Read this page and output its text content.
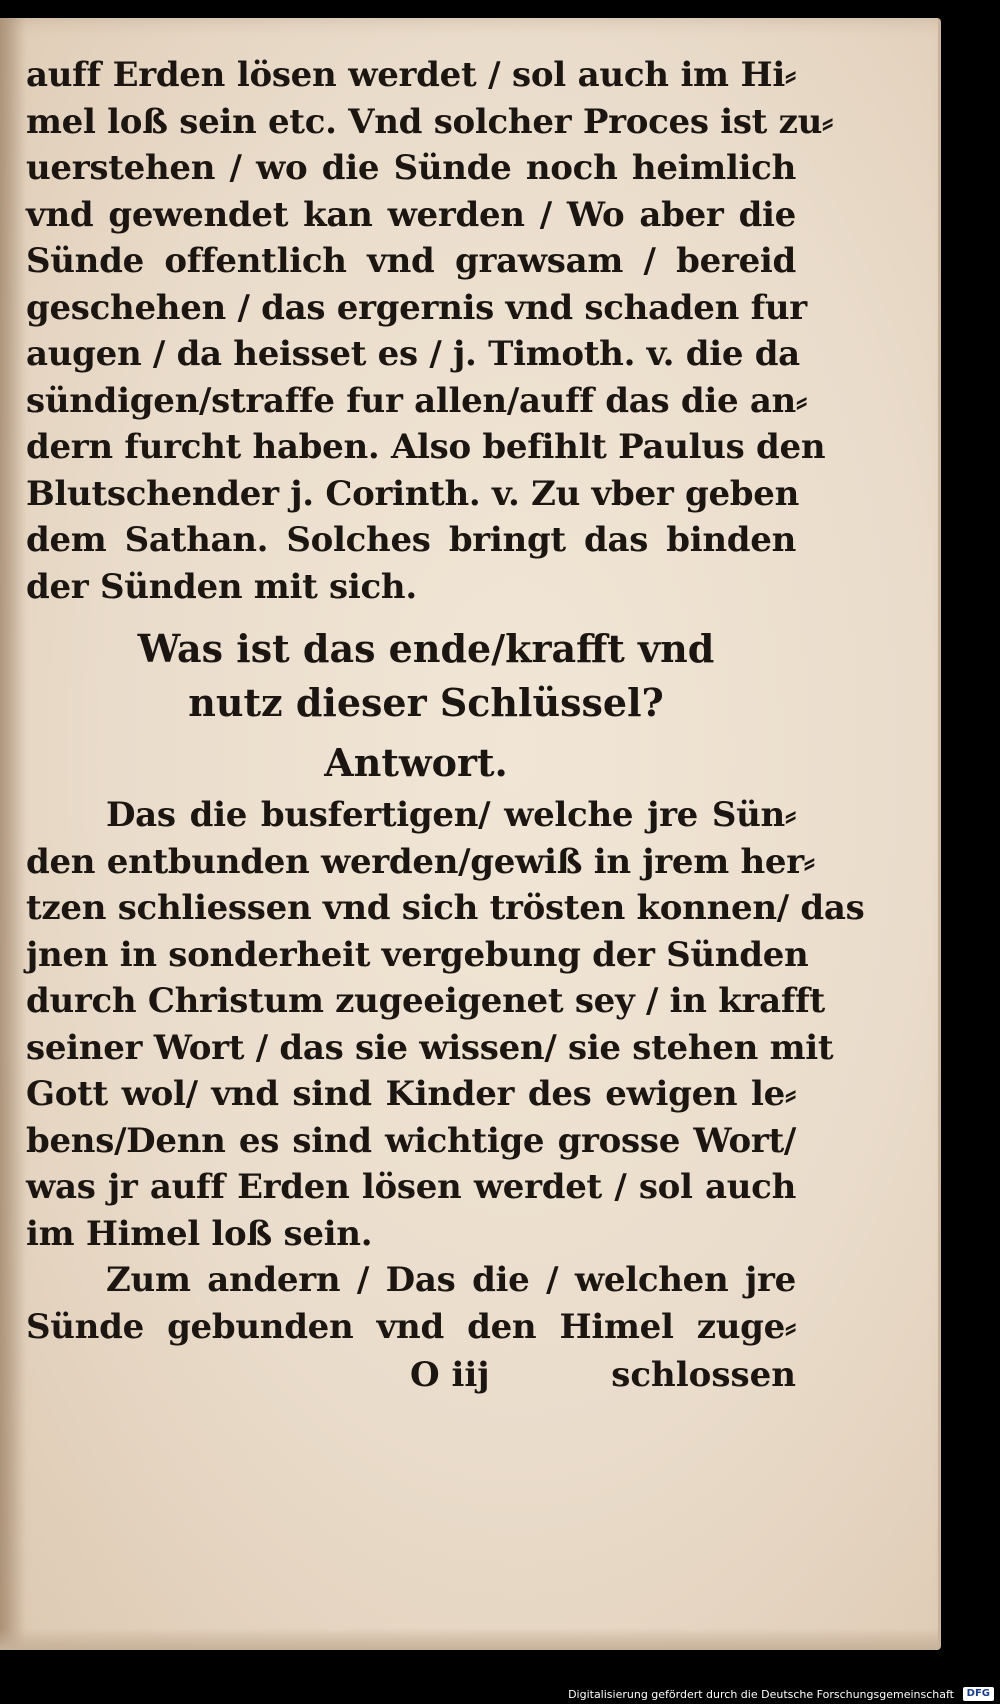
auff Erden lösen werdet / sol auch im Hi⸗
mel loß sein etc. Vnd solcher Proces ist zu⸗
uerstehen / wo die Sünde noch heimlich
vnd gewendet kan werden / Wo aber die
Sünde offentlich vnd grawsam / bereid
geschehen / das ergernis vnd schaden fur
augen / da heisset es / j. Timoth. v. die da
sündigen/straffe fur allen/auff das die an⸗
dern furcht haben. Also befihlt Paulus den
Blutschender j. Corinth. v. Zu vber geben
dem Sathan. Solches bringt das binden
der Sünden mit sich.
Was ist das ende/krafft vnd
nutz dieser Schlüssel?
Antwort.
Das die busfertigen/ welche jre Sün⸗
den entbunden werden/gewiß in jrem her⸗
tzen schliessen vnd sich trösten konnen/ das
jnen in sonderheit vergebung der Sünden
durch Christum zugeeigenet sey / in krafft
seiner Wort / das sie wissen/ sie stehen mit
Gott wol/ vnd sind Kinder des ewigen le⸗
bens/Denn es sind wichtige grosse Wort/
was jr auff Erden lösen werdet / sol auch
im Himel loß sein.
Zum andern / Das die / welchen jre
Sünde gebunden vnd den Himel zuge⸗
O iij	schlossen
Digitalisierung gefördert durch die Deutsche Forschungsgemeinschaft	DFG
